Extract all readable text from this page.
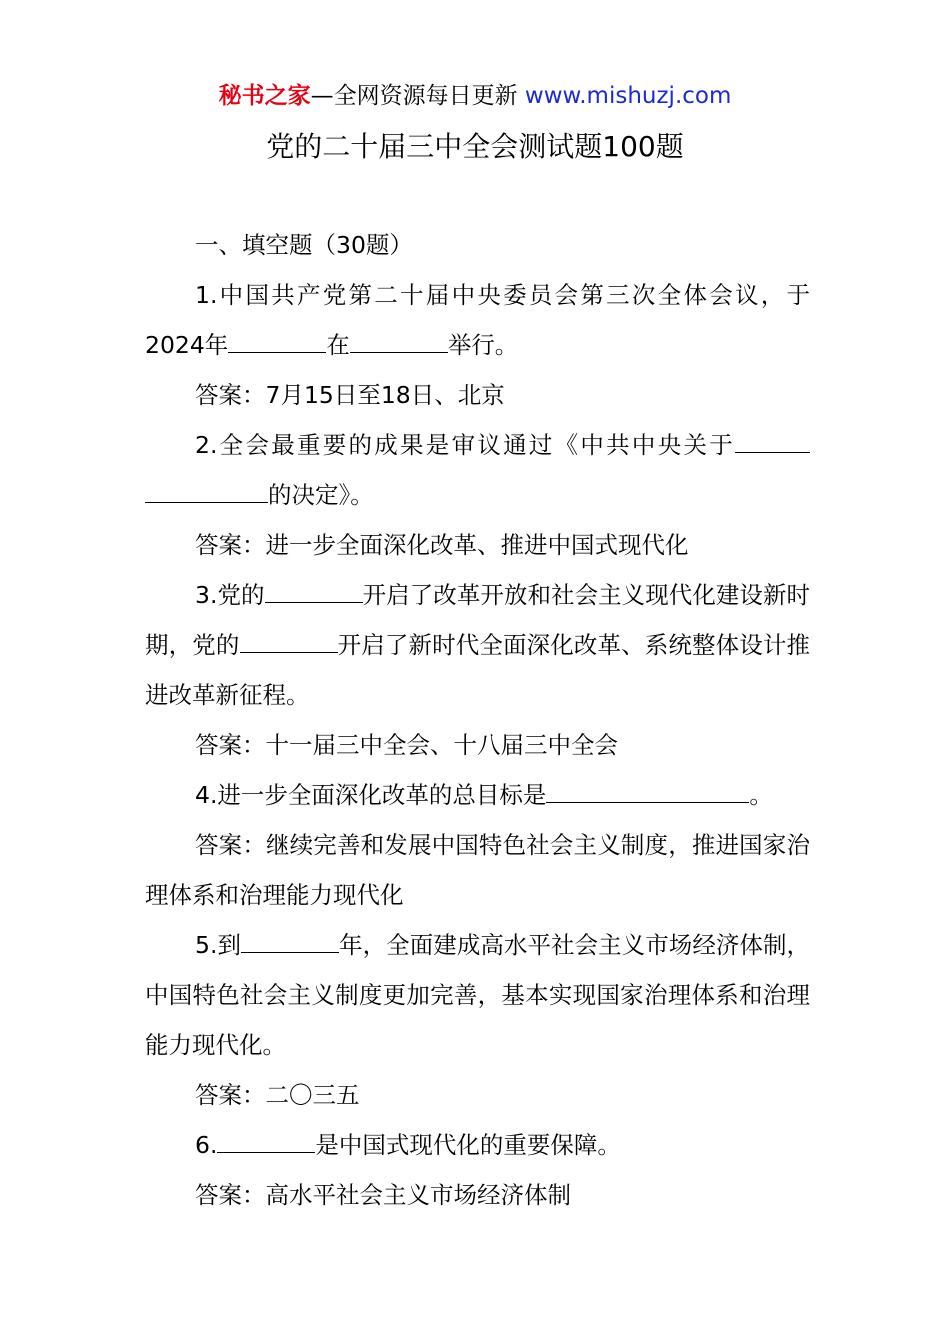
秘书之家—全网资源每日更新 www.mishuzj.com
党的二十届三中全会测试题100题

一、填空题（30题）

1.中国共产党第二十届中央委员会第三次全体会议，于2024年	在	举行。

答案：7月15日至18日、北京

2.全会最重要的成果是审议通过《中共中央关于的决定》。

答案：进一步全面深化改革、推进中国式现代化

3.党的	开启了改革开放和社会主义现代化建设新时期，党的	开启了新时代全面深化改革、系统整体设计推进改革新征程。

答案：十一届三中全会、十八届三中全会

4.进一步全面深化改革的总目标是	。

答案：继续完善和发展中国特色社会主义制度，推进国家治理体系和治理能力现代化

5.到	年，全面建成高水平社会主义市场经济体制，中国特色社会主义制度更加完善，基本实现国家治理体系和治理能力现代化。

答案：二〇三五

6.	是中国式现代化的重要保障。

答案：高水平社会主义市场经济体制
